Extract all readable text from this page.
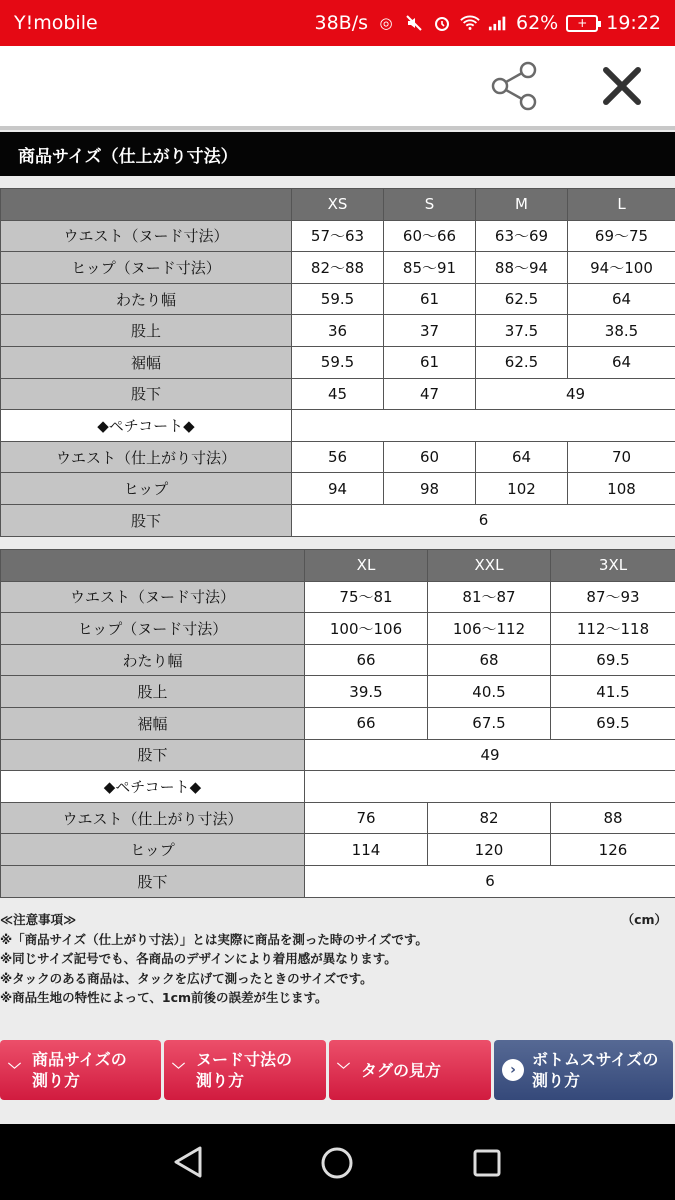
Y!mobile	38B/s ◎	62%	+ 19:22
商品サイズ（仕上がり寸法）
	XS	S	M	L
ウエスト（ヌード寸法）	57〜63	60〜66	63〜69	69〜75
ヒップ（ヌード寸法）	82〜88	85〜91	88〜94	94〜100
わたり幅	59.5	61	62.5	64
股上	36	37	37.5	38.5
裾幅	59.5	61	62.5	64
股下	45	47	49	
◆ペチコート◆				
ウエスト（仕上がり寸法）	56	60	64	70
ヒップ	94	98	102	108
股下	6			
	XL	XXL	3XL
ウエスト（ヌード寸法）	75〜81	81〜87	87〜93
ヒップ（ヌード寸法）	100〜106	106〜112	112〜118
わたり幅	66	68	69.5
股上	39.5	40.5	41.5
裾幅	66	67.5	69.5
股下	49		
◆ペチコート◆			
ウエスト（仕上がり寸法）	76	82	88
ヒップ	114	120	126
股下	6		
≪注意事項≫	（cm）
※「商品サイズ（仕上がり寸法）」とは実際に商品を測った時のサイズです。
※同じサイズ記号でも、各商品のデザインにより着用感が異なります。
※タックのある商品は、タックを広げて測ったときのサイズです。
※商品生地の特性によって、1cm前後の誤差が生じます。
﹀
商品サイズの
測り方
﹀
ヌード寸法の
測り方
﹀ タグの見方	›
ボトムスサイズの
測り方
